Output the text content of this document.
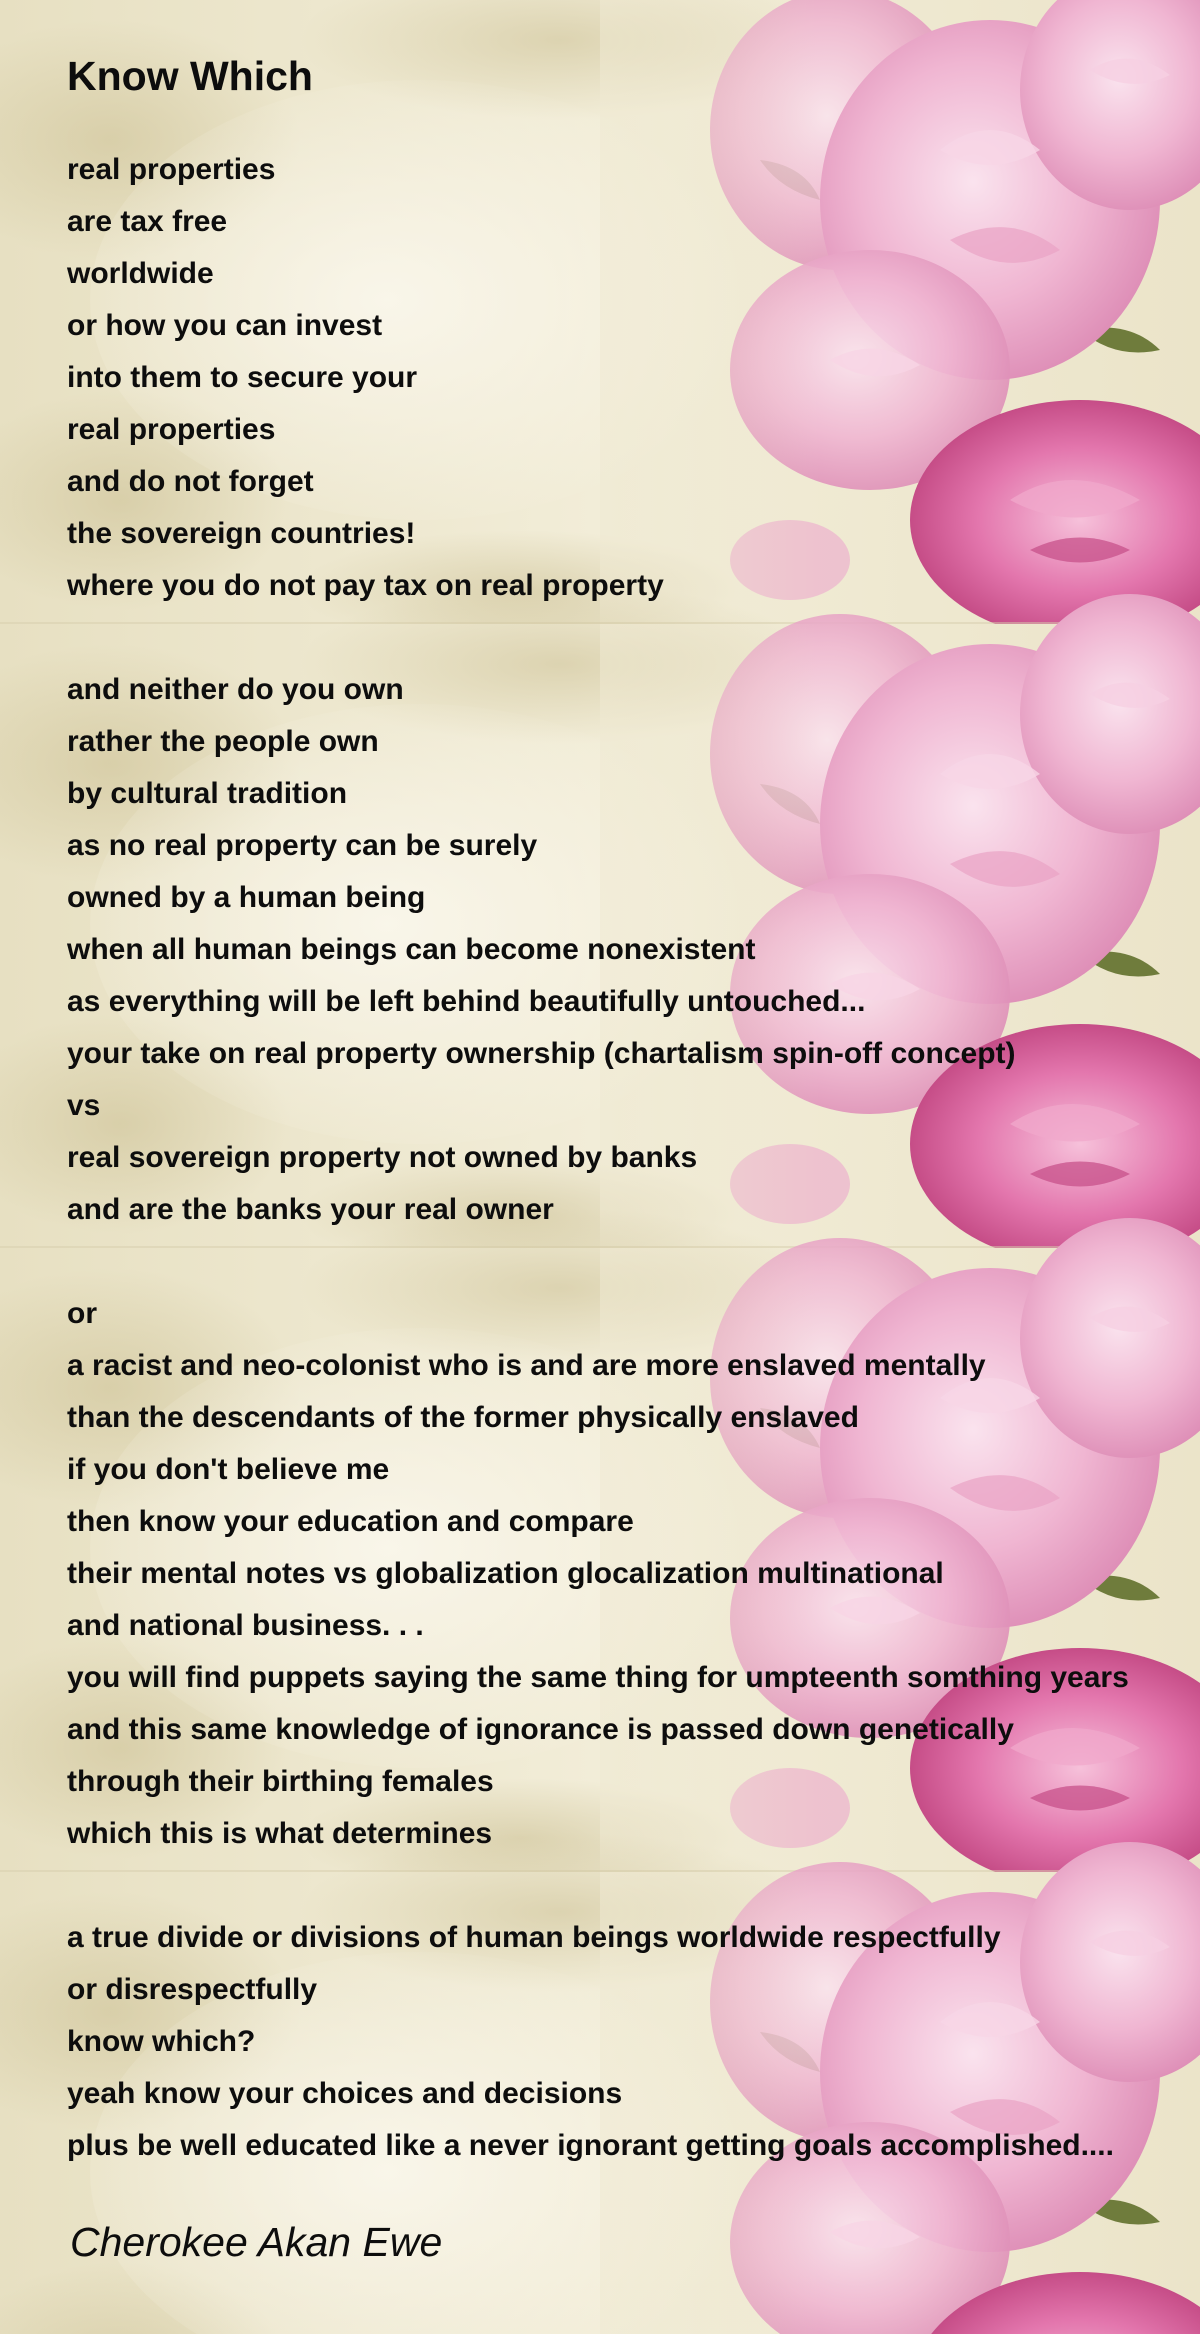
Know Which
real properties
are tax free
worldwide
or how you can invest
into them to secure your
real properties
and do not forget
the sovereign countries!
where you do not pay tax on real property
and neither do you own
rather the people own
by cultural tradition
as no real property can be surely
owned by a human being
when all human beings can become nonexistent
as everything will be left behind beautifully untouched...
your take on real property ownership (chartalism spin-off concept)
vs
real sovereign property not owned by banks
and are the banks your real owner
or
a racist and neo-colonist who is and are more enslaved mentally
than the descendants of the former physically enslaved
if you don't believe me
then know your education and compare
their mental notes vs globalization glocalization multinational
and national business. . .
you will find puppets saying the same thing for umpteenth somthing years
and this same knowledge of ignorance is passed down genetically
through their birthing females
which this is what determines
a true divide or divisions of human beings worldwide respectfully
or disrespectfully
know which?
yeah know your choices and decisions
plus be well educated like a never ignorant getting goals accomplished....
Cherokee Akan Ewe
